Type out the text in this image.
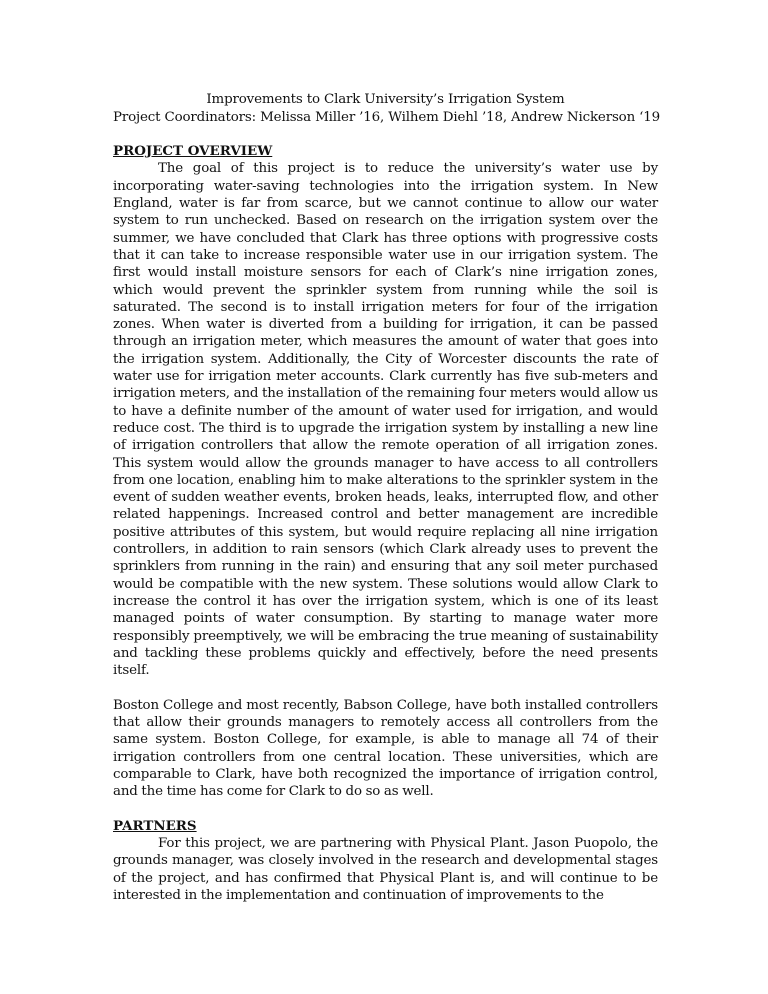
Improvements to Clark University’s Irrigation System
Project Coordinators: Melissa Miller ’16, Wilhem Diehl ’18, Andrew Nickerson ‘19
PROJECT OVERVIEW

The goal of this project is to reduce the university’s water use by incorporating water-saving technologies into the irrigation system. In New England, water is far from scarce, but we cannot continue to allow our water system to run unchecked. Based on research on the irrigation system over the summer, we have concluded that Clark has three options with progressive costs that it can take to increase responsible water use in our irrigation system. The first would install moisture sensors for each of Clark’s nine irrigation zones, which would prevent the sprinkler system from running while the soil is saturated. The second is to install irrigation meters for four of the irrigation zones. When water is diverted from a building for irrigation, it can be passed through an irrigation meter, which measures the amount of water that goes into the irrigation system. Additionally, the City of Worcester discounts the rate of water use for irrigation meter accounts. Clark currently has five sub-meters and irrigation meters, and the installation of the remaining four meters would allow us to have a definite number of the amount of water used for irrigation, and would reduce cost. The third is to upgrade the irrigation system by installing a new line of irrigation controllers that allow the remote operation of all irrigation zones. This system would allow the grounds manager to have access to all controllers from one location, enabling him to make alterations to the sprinkler system in the event of sudden weather events, broken heads, leaks, interrupted flow, and other related happenings. Increased control and better management are incredible positive attributes of this system, but would require replacing all nine irrigation controllers, in addition to rain sensors (which Clark already uses to prevent the sprinklers from running in the rain) and ensuring that any soil meter purchased would be compatible with the new system. These solutions would allow Clark to increase the control it has over the irrigation system, which is one of its least managed points of water consumption. By starting to manage water more responsibly preemptively, we will be embracing the true meaning of sustainability and tackling these problems quickly and effectively, before the need presents itself.

Boston College and most recently, Babson College, have both installed controllers that allow their grounds managers to remotely access all controllers from the same system. Boston College, for example, is able to manage all 74 of their irrigation controllers from one central location. These universities, which are comparable to Clark, have both recognized the importance of irrigation control, and the time has come for Clark to do so as well.

PARTNERS

For this project, we are partnering with Physical Plant. Jason Puopolo, the grounds manager, was closely involved in the research and developmental stages of the project, and has confirmed that Physical Plant is, and will continue to be interested in the implementation and continuation of improvements to the
